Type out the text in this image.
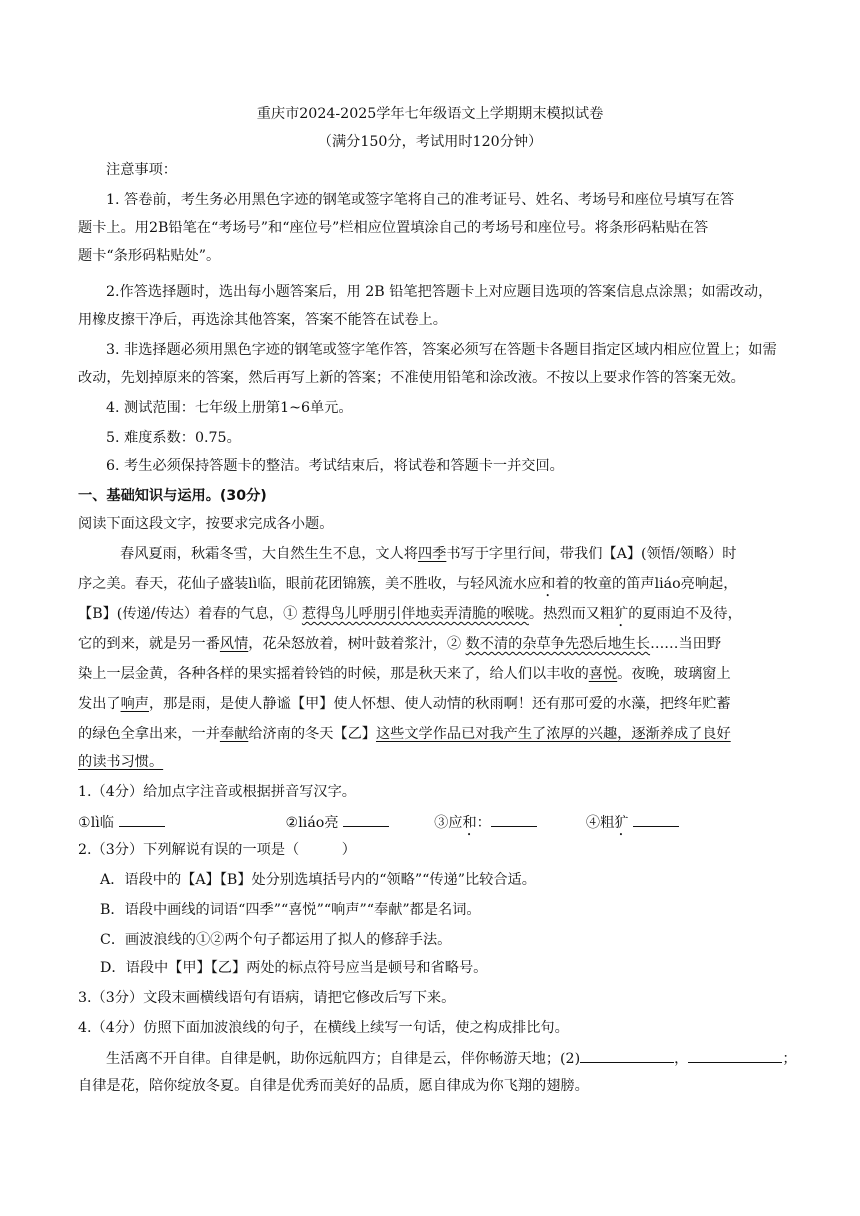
重庆市2024-2025学年七年级语文上学期期末模拟试卷
（满分150分，考试用时120分钟）
注意事项：
1. 答卷前，考生务必用黑色字迹的钢笔或签字笔将自己的准考证号、姓名、考场号和座位号填写在答
题卡上。用2B铅笔在“考场号”和“座位号”栏相应位置填涂自己的考场号和座位号。将条形码粘贴在答
题卡“条形码粘贴处”。
2.作答选择题时，选出每小题答案后，用 2B 铅笔把答题卡上对应题目选项的答案信息点涂黑；如需改动，
用橡皮擦干净后，再选涂其他答案，答案不能答在试卷上。
3. 非选择题必须用黑色字迹的钢笔或签字笔作答，答案必须写在答题卡各题目指定区域内相应位置上；如需
改动，先划掉原来的答案，然后再写上新的答案；不准使用铅笔和涂改液。不按以上要求作答的答案无效。
4. 测试范围：七年级上册第1~6单元。
5. 难度系数：0.75。
6. 考生必须保持答题卡的整洁。考试结束后，将试卷和答题卡一并交回。
一、基础知识与运用。(30分)
阅读下面这段文字，按要求完成各小题。
春风夏雨，秋霜冬雪，大自然生生不息，文人将四季书写于字里行间，带我们【A】(领悟/领略）时
序之美。春天，花仙子盛装lì临，眼前花团锦簇，美不胜收，与轻风流水应和着的牧童的笛声liáo亮响起，
【B】(传递/传达）着春的气息，① 惹得鸟儿呼朋引伴地卖弄清脆的喉咙。热烈而又粗犷的夏雨迫不及待，
它的到来，就是另一番风情，花朵怒放着，树叶鼓着浆汁，② 数不清的杂草争先恐后地生长……当田野
染上一层金黄，各种各样的果实摇着铃铛的时候，那是秋天来了，给人们以丰收的喜悦。夜晚，玻璃窗上
发出了响声，那是雨，是使人静谧【甲】使人怀想、使人动情的秋雨啊！还有那可爱的水藻，把终年贮蓄
的绿色全拿出来，一并奉献给济南的冬天【乙】这些文学作品已对我产生了浓厚的兴趣，逐渐养成了良好
的读书习惯。
1.（4分）给加点字注音或根据拼音写汉字。
①lì临	②liáo亮	③应和：	④粗犷
2.（3分）下列解说有误的一项是（　　　）
A．语段中的【A】【B】处分别选填括号内的“领略”“传递”比较合适。
B．语段中画线的词语“四季”“喜悦”“响声”“奉献”都是名词。
C．画波浪线的①②两个句子都运用了拟人的修辞手法。
D．语段中【甲】【乙】两处的标点符号应当是顿号和省略号。
3.（3分）文段末画横线语句有语病，请把它修改后写下来。
4.（4分）仿照下面加波浪线的句子，在横线上续写一句话，使之构成排比句。
生活离不开自律。自律是帆，助你远航四方；自律是云，伴你畅游天地；(2)	，	；
自律是花，陪你绽放冬夏。自律是优秀而美好的品质，愿自律成为你飞翔的翅膀。
